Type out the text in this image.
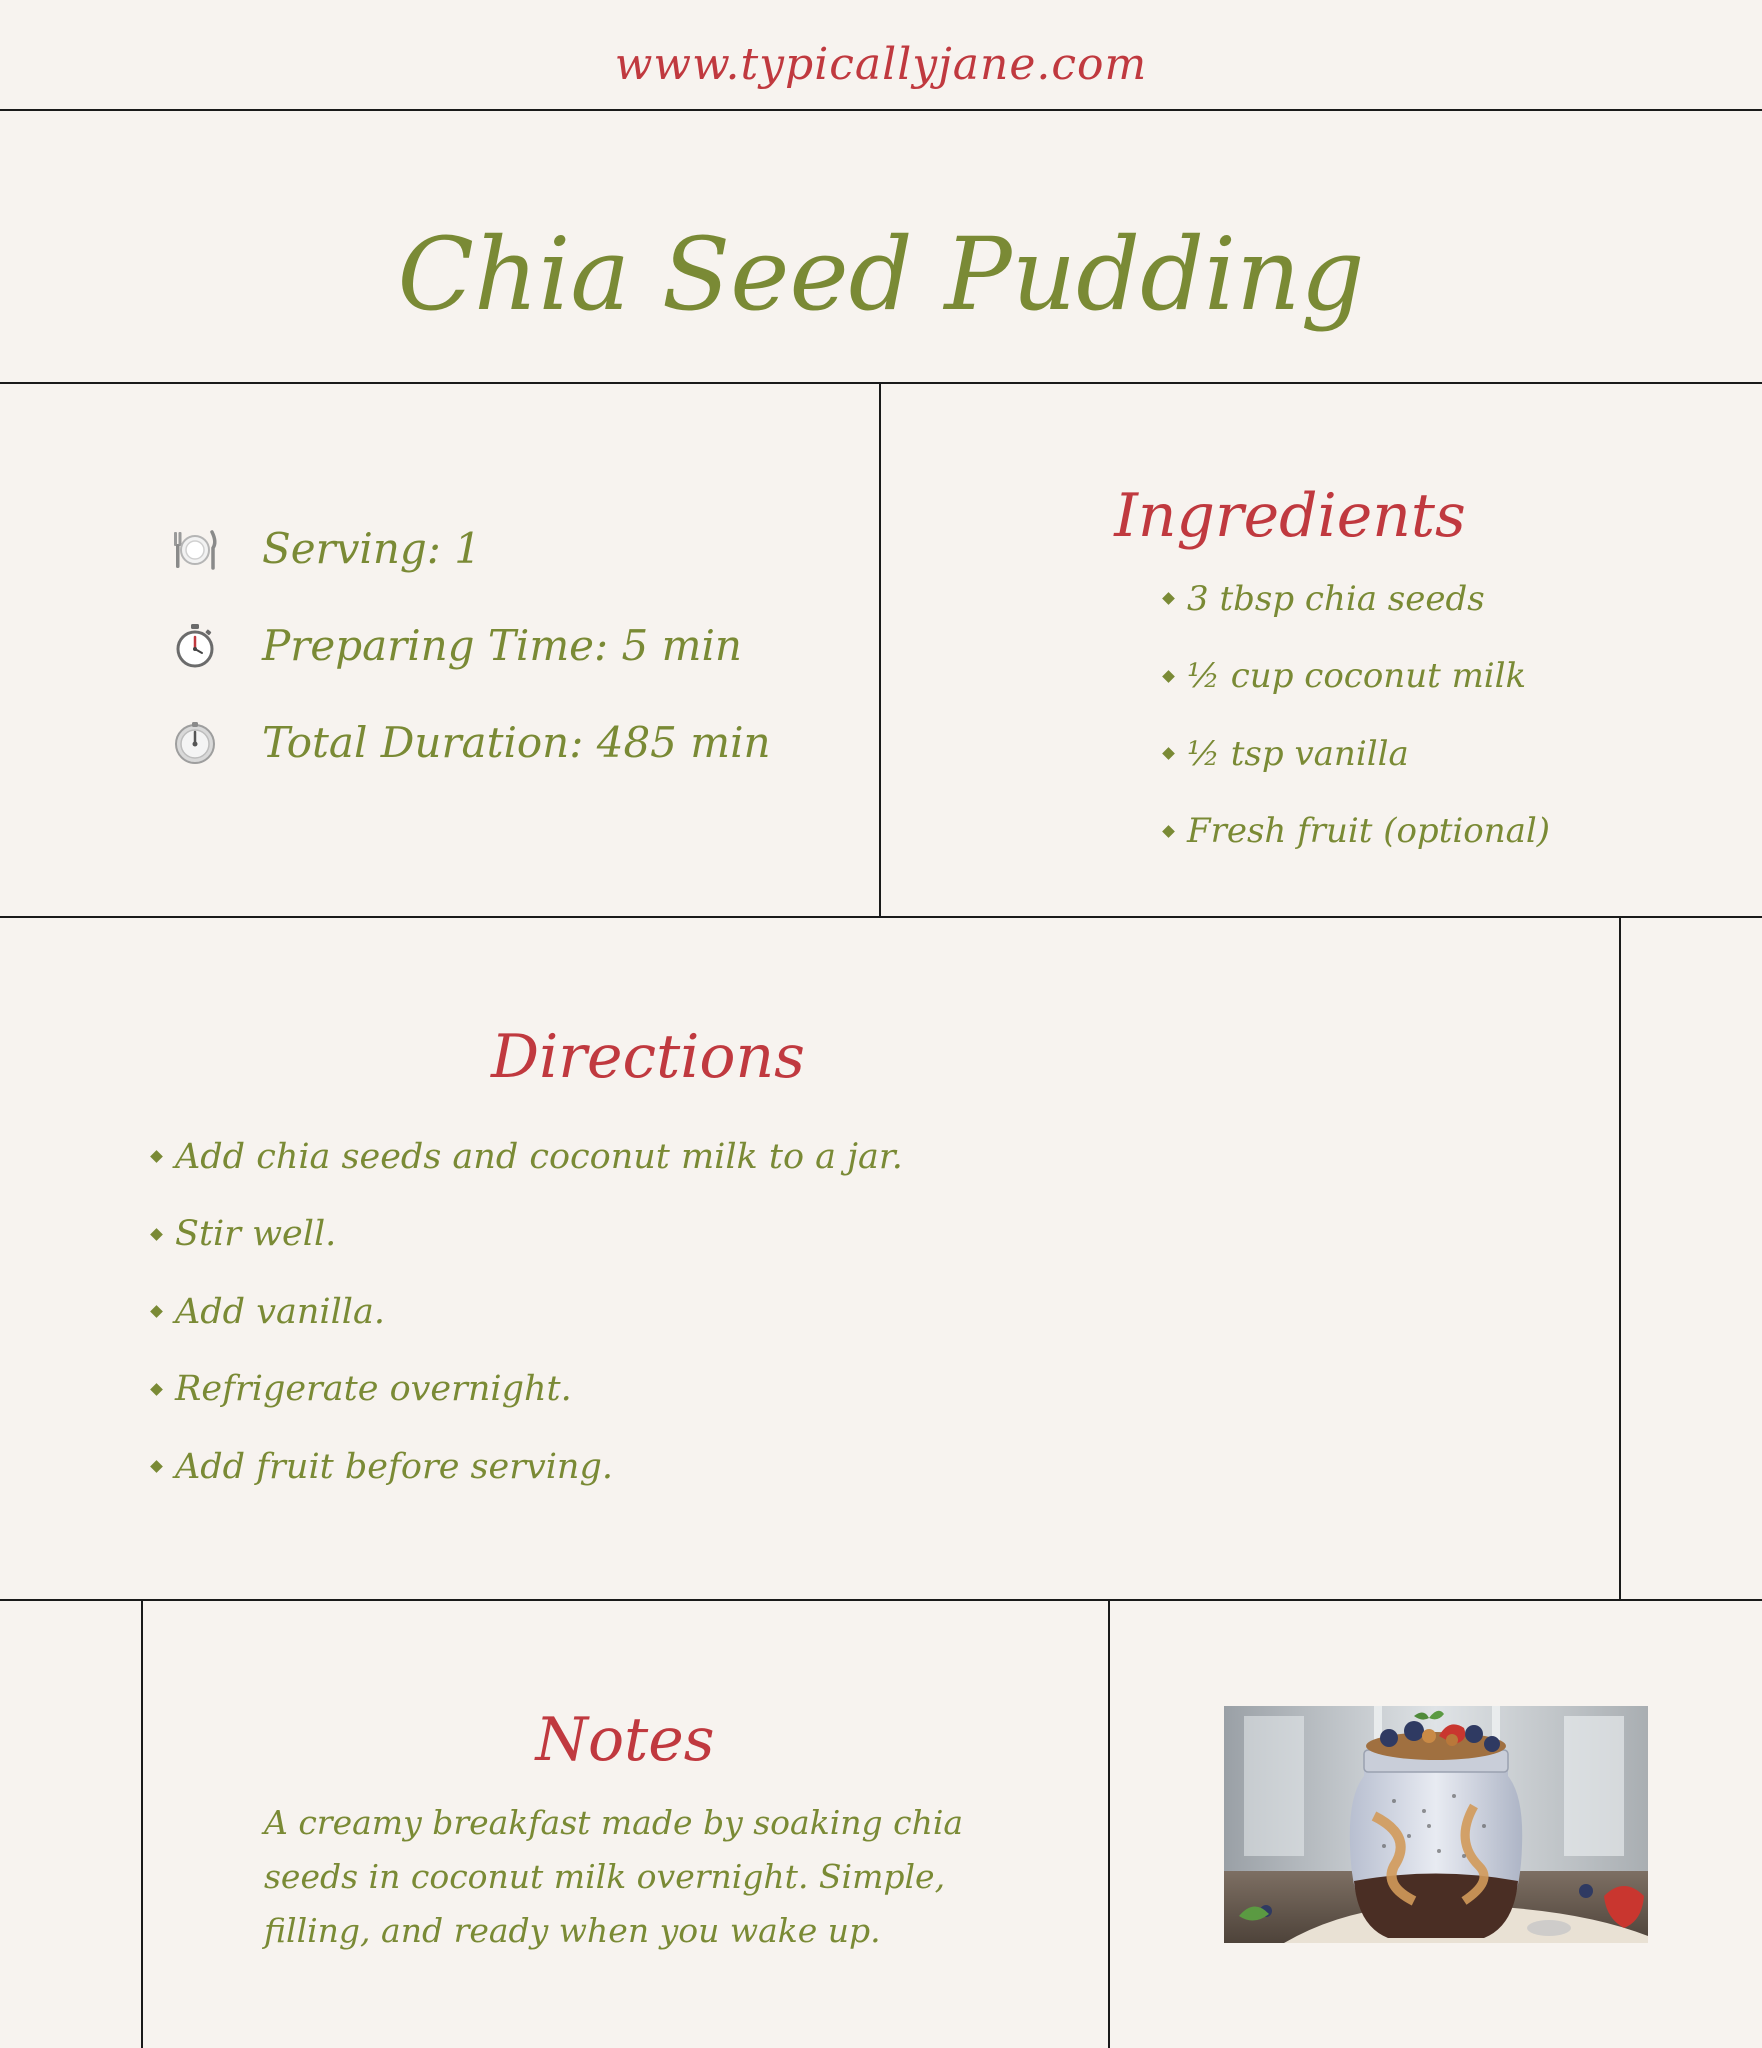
www.typicallyjane.com
Chia Seed Pudding
Serving: 1
Preparing Time: 5 min
Total Duration: 485 min
Ingredients
3 tbsp chia seeds
½ cup coconut milk
½ tsp vanilla
Fresh fruit (optional)
Directions
Add chia seeds and coconut milk to a jar.
Stir well.
Add vanilla.
Refrigerate overnight.
Add fruit before serving.
Notes

A creamy breakfast made by soaking chia seeds in coconut milk overnight. Simple, filling, and ready when you wake up.
